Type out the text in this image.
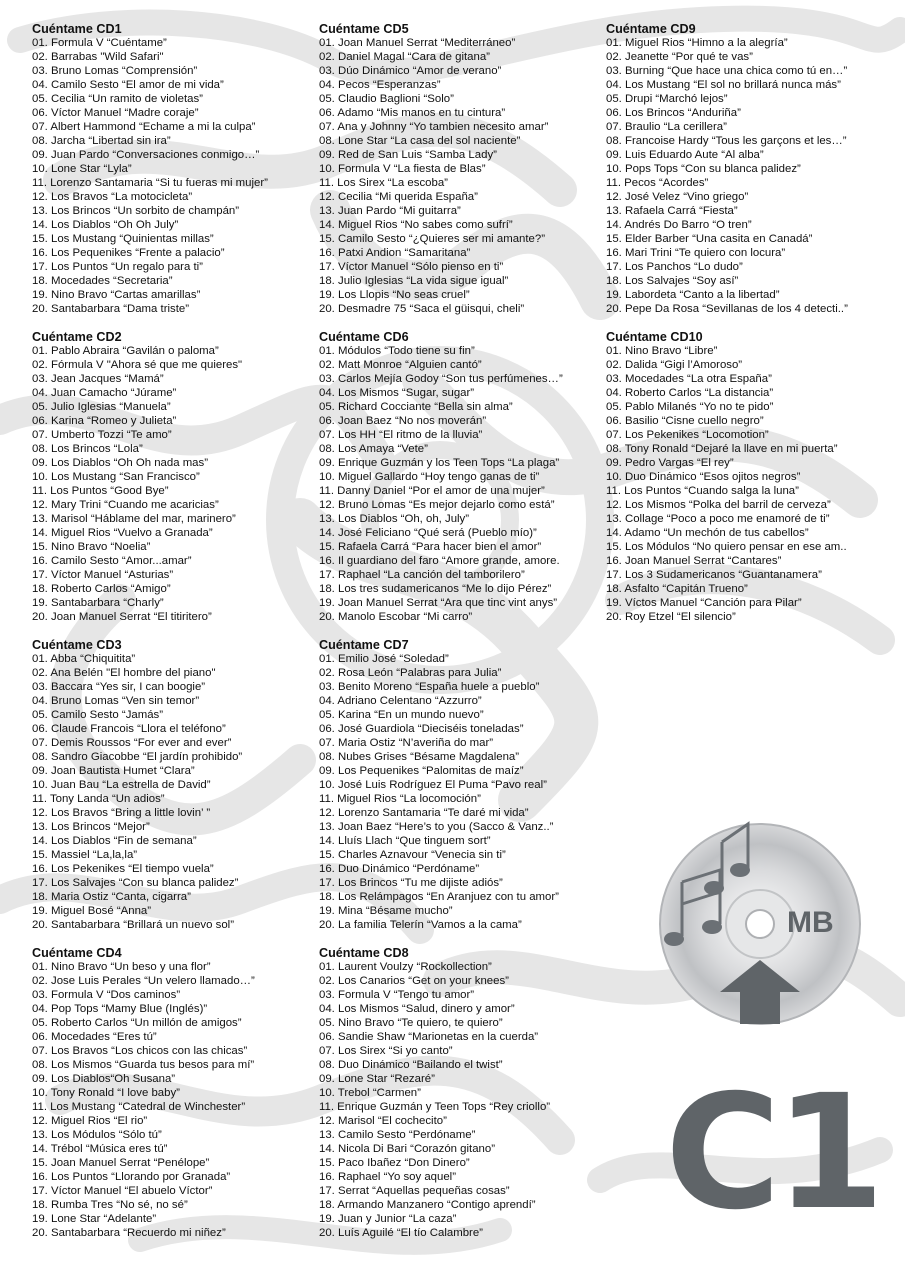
Cuéntame CD1
01. Formula V “Cuéntame”
02. Barrabas "Wild Safari"
03. Bruno Lomas “Comprensión”
04. Camilo Sesto “El amor de mi vida”
05. Cecilia “Un ramito de violetas”
06. Víctor Manuel “Madre coraje”
07. Albert Hammond “Echame a mi la culpa”
08. Jarcha “Libertad sin ira”
09. Juan Pardo “Conversaciones conmigo…”
10. Lone Star “Lyla”
11. Lorenzo Santamaria “Si tu fueras mi mujer”
12. Los Bravos “La motocicleta”
13. Los Brincos “Un sorbito de champán”
14. Los Diablos “Oh Oh July”
15. Los Mustang “Quinientas millas”
16. Los Pequenikes “Frente a palacio”
17. Los Puntos “Un regalo para ti”
18. Mocedades “Secretaria”
19. Nino Bravo “Cartas amarillas”
20. Santabarbara “Dama triste”
Cuéntame CD2
01. Pablo Abraira “Gavilán o paloma”
02. Fórmula V "Ahora sé que me quieres"
03. Jean Jacques “Mamá”
04. Juan Camacho “Júrame”
05. Julio Iglesias “Manuela”
06. Karina “Romeo y Julieta”
07. Umberto Tozzi “Te amo”
08. Los Brincos “Lola”
09. Los Diablos “Oh Oh nada mas”
10. Los Mustang “San Francisco”
11. Los Puntos “Good Bye”
12. Mary Trini “Cuando me acaricias”
13. Marisol “Háblame del mar, marinero”
14. Miguel Rios “Vuelvo a Granada”
15. Nino Bravo “Noelia”
16. Camilo Sesto “Amor...amar”
17. Víctor Manuel “Asturias”
18. Roberto Carlos “Amigo”
19. Santabarbara “Charly”
20. Joan Manuel Serrat “El titiritero”
Cuéntame CD3
01. Abba “Chiquitita”
02. Ana Belén "El hombre del piano"
03. Baccara “Yes sir, I can boogie”
04. Bruno Lomas “Ven sin temor”
05. Camilo Sesto “Jamás”
06. Claude Francois “Llora el teléfono”
07. Demis Roussos “For ever and ever”
08. Sandro Giacobbe “El jardín prohibido”
09. Joan Bautista Humet “Clara”
10. Juan Bau “La estrella de David”
11. Tony Landa “Un adios”
12. Los Bravos “Bring a little lovin’ ”
13. Los Brincos “Mejor”
14. Los Diablos “Fin de semana”
15. Massiel “La,la,la”
16. Los Pekenikes “El tiempo vuela”
17. Los Salvajes “Con su blanca palidez”
18. Maria Ostiz “Canta, cigarra”
19. Miguel Bosé “Anna”
20. Santabarbara “Brillará un nuevo sol”
Cuéntame CD4
01. Nino Bravo “Un beso y una flor”
02. Jose Luis Perales “Un velero llamado…”
03. Formula V “Dos caminos”
04. Pop Tops “Mamy Blue (Inglés)”
05. Roberto Carlos “Un millón de amigos”
06. Mocedades “Eres tú”
07. Los Bravos “Los chicos con las chicas”
08. Los Mismos “Guarda tus besos para mí”
09. Los Diablos“Oh Susana”
10. Tony Ronald “I love baby”
11. Los Mustang “Catedral de Winchester”
12. Miguel Rios “El rio”
13. Los Módulos “Sólo tú”
14. Trébol “Música eres tú”
15. Joan Manuel Serrat “Penélope”
16. Los Puntos “Llorando por Granada”
17. Víctor Manuel “El abuelo Víctor”
18. Rumba Tres “No sé, no sé”
19. Lone Star “Adelante”
20. Santabarbara “Recuerdo mi niñez”
Cuéntame CD5
01. Joan Manuel Serrat “Mediterráneo”
02. Daniel Magal “Cara de gitana”
03. Dúo Dinámico “Amor de verano”
04. Pecos “Esperanzas”
05. Claudio Baglioni “Solo”
06. Adamo “Mis manos en tu cintura”
07. Ana y Johnny “Yo tambien necesito amar”
08. Lone Star “La casa del sol naciente”
09. Red de San Luis “Samba Lady”
10. Formula V “La fiesta de Blas”
11. Los Sirex “La escoba”
12. Cecilia “Mi querida España”
13. Juan Pardo “Mi guitarra”
14. Miguel Rios “No sabes como sufrí”
15. Camilo Sesto “¿Quieres ser mi amante?”
16. Patxi Andion “Samaritana”
17. Víctor Manuel “Sólo pienso en ti”
18. Julio Iglesias “La vida sigue igual”
19. Los Llopis “No seas cruel”
20. Desmadre 75 “Saca el güisqui, cheli”
Cuéntame CD6
01. Módulos “Todo tiene su fin”
02. Matt Monroe “Alguien cantó”
03. Carlos Mejía Godoy “Son tus perfúmenes…”
04. Los Mismos “Sugar, sugar”
05. Richard Cocciante “Bella sin alma”
06. Joan Baez “No nos moverán”
07. Los HH “El ritmo de la lluvia”
08. Los Amaya “Vete”
09. Enrique Guzmán y los Teen Tops “La plaga”
10. Miguel Gallardo “Hoy tengo ganas de ti”
11. Danny Daniel “Por el amor de una mujer”
12. Bruno Lomas “Es mejor dejarlo como está”
13. Los Diablos “Oh, oh, July”
14. José Feliciano “Qué será (Pueblo mío)”
15. Rafaela Carrá “Para hacer bien el amor”
16. Il guardiano del faro “Amore grande, amore.
17. Raphael “La canción del tamborilero”
18. Los tres sudamericanos “Me lo dijo Pérez”
19. Joan Manuel Serrat “Ara que tinc vint anys”
20. Manolo Escobar “Mi carro”
Cuéntame CD7
01. Emilio José “Soledad”
02. Rosa León “Palabras para Julia”
03. Benito Moreno “España huele a pueblo”
04. Adriano Celentano “Azzurro”
05. Karina “En un mundo nuevo”
06. José Guardiola “Dieciséis toneladas”
07. Maria Ostiz “N’averiña do mar”
08. Nubes Grises “Bésame Magdalena”
09. Los Pequenikes “Palomitas de maíz”
10. José Luis Rodríguez El Puma “Pavo real”
11. Miguel Rios “La locomoción”
12. Lorenzo Santamaria “Te daré mi vida”
13. Joan Baez “Here’s to you (Sacco & Vanz..”
14. Lluís Llach “Que tinguem sort”
15. Charles Aznavour “Venecia sin ti”
16. Duo Dinámico “Perdóname”
17. Los Brincos “Tu me dijiste adiós”
18. Los Relámpagos “En Aranjuez con tu amor”
19. Mina “Bésame mucho”
20. La familia Telerín “Vamos a la cama”
Cuéntame CD8
01. Laurent Voulzy “Rockollection”
02. Los Canarios “Get on your knees”
03. Formula V “Tengo tu amor”
04. Los Mismos “Salud, dinero y amor”
05. Nino Bravo “Te quiero, te quiero”
06. Sandie Shaw “Marionetas en la cuerda”
07. Los Sirex “Si yo canto”
08. Duo Dinámico “Bailando el twist”
09. Lone Star “Rezaré”
10. Trebol “Carmen”
11. Enrique Guzmán y Teen Tops “Rey criollo”
12. Marisol “El cochecito”
13. Camilo Sesto “Perdóname”
14. Nicola Di Bari “Corazón gitano”
15. Paco Ibañez “Don Dinero”
16. Raphael “Yo soy aquel”
17. Serrat “Aquellas pequeñas cosas”
18. Armando Manzanero “Contigo aprendí”
19. Juan y Junior “La caza”
20. Luís Aguilé “El tío Calambre”
Cuéntame CD9
01. Miguel Rios “Himno a la alegría”
02. Jeanette “Por qué te vas”
03. Burning “Que hace una chica como tú en…”
04. Los Mustang “El sol no brillará nunca más”
05. Drupi “Marchó lejos”
06. Los Brincos “Anduriña”
07. Braulio “La cerillera”
08. Francoise Hardy “Tous les garçons et les…”
09. Luis Eduardo Aute “Al alba”
10. Pops Tops “Con su blanca palidez”
11. Pecos “Acordes”
12. José Velez “Vino griego”
13. Rafaela Carrá “Fiesta”
14. Andrés Do Barro “O tren”
15. Elder Barber “Una casita en Canadá”
16. Mari Trini “Te quiero con locura”
17. Los Panchos “Lo dudo”
18. Los Salvajes “Soy así”
19. Labordeta “Canto a la libertad”
20. Pepe Da Rosa “Sevillanas de los 4 detecti..”
Cuéntame CD10
01. Nino Bravo “Libre”
02. Dalida “Gigi l’Amoroso”
03. Mocedades “La otra España”
04. Roberto Carlos “La distancia”
05. Pablo Milanés “Yo no te pido”
06. Basilio “Cisne cuello negro”
07. Los Pekenikes “Locomotion”
08. Tony Ronald “Dejaré la llave en mi puerta”
09. Pedro Vargas “El rey”
10. Duo Dinámico “Esos ojitos negros”
11. Los Puntos “Cuando salga la luna”
12. Los Mismos “Polka del barril de cerveza”
13. Collage “Poco a poco me enamoré de ti”
14. Adamo “Un mechón de tus cabellos”
15. Los Módulos “No quiero pensar en ese am..
16. Joan Manuel Serrat “Cantares”
17. Los 3 Sudamericanos “Guantanamera”
18. Asfalto “Capitán Trueno”
19. Víctos Manuel “Canción para Pilar”
20. Roy Etzel “El silencio”
MB
C1
